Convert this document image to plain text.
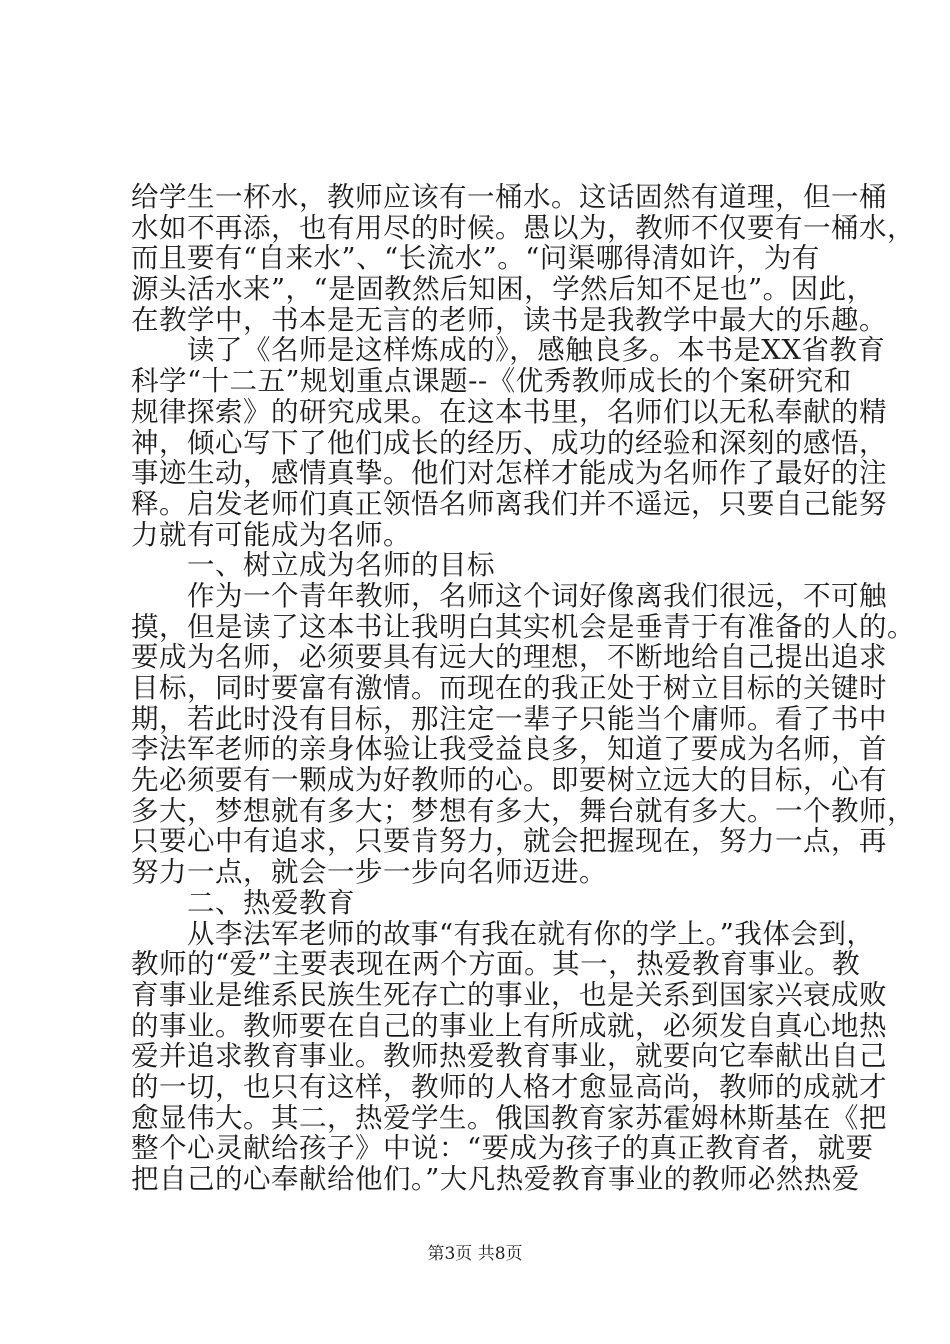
给学生一杯水，教师应该有一桶水。这话固然有道理，但一桶
水如不再添，也有用尽的时候。愚以为，教师不仅要有一桶水，
而且要有“自来水”、“长流水”。“问渠哪得清如许，为有
源头活水来”，“是固教然后知困，学然后知不足也”。因此，
在教学中，书本是无言的老师，读书是我教学中最大的乐趣。
　　读了《名师是这样炼成的》，感触良多。本书是XX省教育
科学“十二五”规划重点课题--《优秀教师成长的个案研究和
规律探索》的研究成果。在这本书里，名师们以无私奉献的精
神，倾心写下了他们成长的经历、成功的经验和深刻的感悟，
事迹生动，感情真挚。他们对怎样才能成为名师作了最好的注
释。启发老师们真正领悟名师离我们并不遥远，只要自己能努
力就有可能成为名师。
　　一、树立成为名师的目标
　　作为一个青年教师，名师这个词好像离我们很远，不可触
摸，但是读了这本书让我明白其实机会是垂青于有准备的人的。
要成为名师，必须要具有远大的理想，不断地给自己提出追求
目标，同时要富有激情。而现在的我正处于树立目标的关键时
期，若此时没有目标，那注定一辈子只能当个庸师。看了书中
李法军老师的亲身体验让我受益良多，知道了要成为名师，首
先必须要有一颗成为好教师的心。即要树立远大的目标，心有
多大，梦想就有多大；梦想有多大，舞台就有多大。一个教师，
只要心中有追求，只要肯努力，就会把握现在，努力一点，再
努力一点，就会一步一步向名师迈进。
　　二、热爱教育
　　从李法军老师的故事“有我在就有你的学上。”我体会到，
教师的“爱”主要表现在两个方面。其一，热爱教育事业。教
育事业是维系民族生死存亡的事业，也是关系到国家兴衰成败
的事业。教师要在自己的事业上有所成就，必须发自真心地热
爱并追求教育事业。教师热爱教育事业，就要向它奉献出自己
的一切，也只有这样，教师的人格才愈显高尚，教师的成就才
愈显伟大。其二，热爱学生。俄国教育家苏霍姆林斯基在《把
整个心灵献给孩子》中说：“要成为孩子的真正教育者，就要
把自己的心奉献给他们。”大凡热爱教育事业的教师必然热爱
第3页 共8页
